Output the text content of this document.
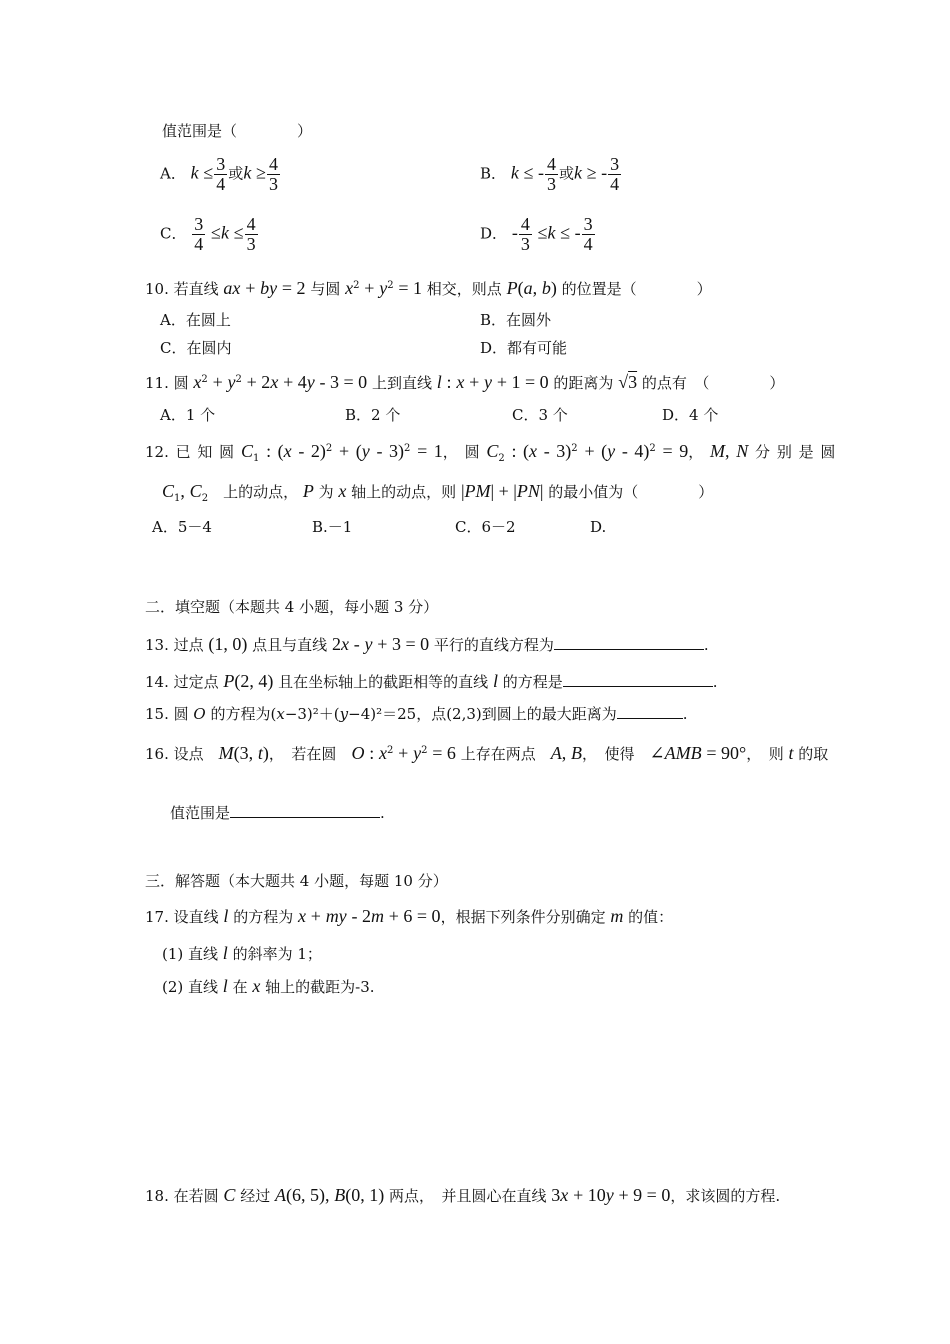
值范围是（　　　　）
A． $k \le \frac{3}{4}$ 或$k \ge \frac{4}{3}$	B． k ≤ - $\frac{4}{3}$ 或k ≥ - $\frac{3}{4}$
C． $\frac{3}{4} \le k \le \frac{4}{3}$	D． - $\frac{4}{3} \le k$ ≤ - $\frac{3}{4}$
10. 若直线 ax + by = 2 与圆 $x^2 + y^2 = 1$ 相交，则点 P(a, b) 的位置是（　　　　）
A．在圆上	B．在圆外
C．在圆内	D．都有可能
11. 圆 $x^2 + y^2 + 2x + 4y - 3 = 0$ 上到直线 l : x + y + 1 = 0 的距离为 √3 的点有　（　　　　）
A．1 个	B．2 个	C．3 个	D．4 个
12. 已 知 圆 $C_1$ : (x - 2)$^2$ + (y - 3)$^2$ = 1， 圆 $C_2$ : (x - 3)$^2$ + (y - 4)$^2$ = 9， M, N 分 别 是 圆
$C_1$, $C_2$　上的动点， P 为 x 轴上的动点，则 |PM| + |PN| 的最小值为（　　　　）
A．5－4	B.－1	C．6－2	D.
二．填空题（本题共 4 小题，每小题 3 分）
13. 过点 (1, 0) 点且与直线 2x - y + 3 = 0 平行的直线方程为	.
14. 过定点 P(2, 4) 且在坐标轴上的截距相等的直线 l 的方程是	.
15. 圆 O 的方程为(x−3)²＋(y−4)²＝25，点(2,3)到圆上的最大距离为	.
16. 设点　M(3, t)，　若在圆　O : $x^2 + y^2 = 6$ 上存在两点　A, B，　使得　∠AMB = 90°，　则 t 的取
值范围是	.
三．解答题（本大题共 4 小题，每题 10 分）
17. 设直线 l 的方程为 x + my - 2m + 6 = 0，根据下列条件分别确定 m 的值：
(1) 直线 l 的斜率为 1；
(2) 直线 l 在 x 轴上的截距为-3.
18. 在若圆 C 经过 A(6, 5), B(0, 1) 两点，　并且圆心在直线 3x + 10y + 9 = 0，求该圆的方程.
